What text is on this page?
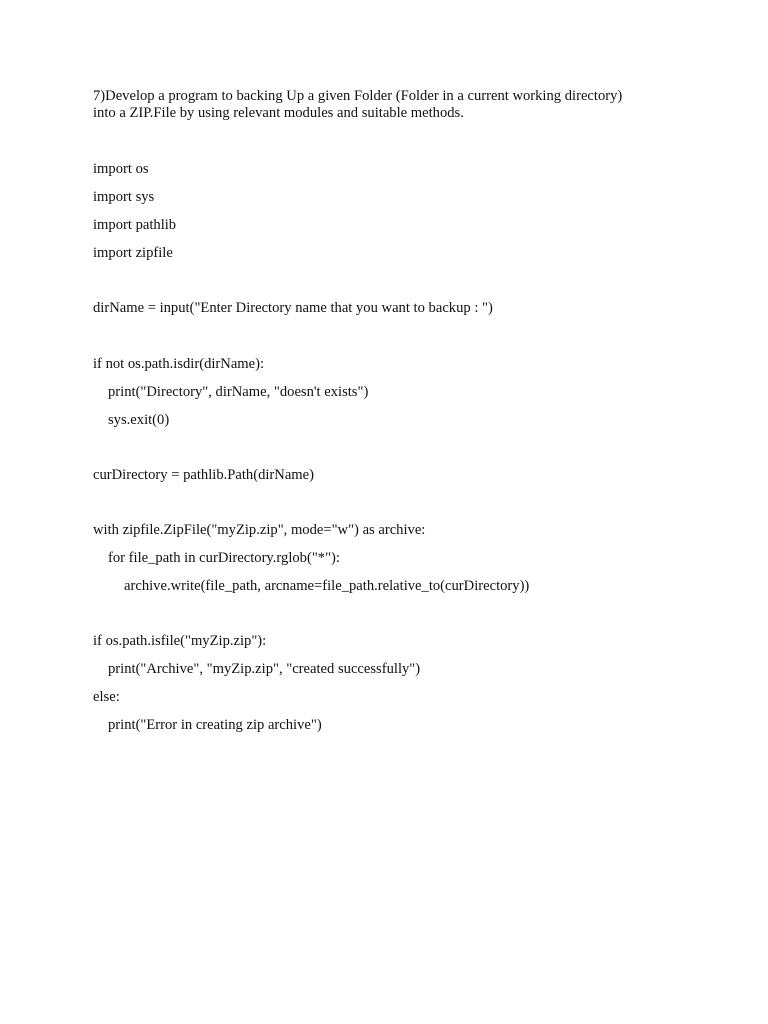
7)Develop a program to backing Up a given Folder (Folder in a current working directory)
into a ZIP.File by using relevant modules and suitable methods.
import os
import sys
import pathlib
import zipfile
dirName = input("Enter Directory name that you want to backup : ")
if not os.path.isdir(dirName):
print("Directory", dirName, "doesn't exists")
sys.exit(0)
curDirectory = pathlib.Path(dirName)
with zipfile.ZipFile("myZip.zip", mode="w") as archive:
for file_path in curDirectory.rglob("*"):
archive.write(file_path, arcname=file_path.relative_to(curDirectory))
if os.path.isfile("myZip.zip"):
print("Archive", "myZip.zip", "created successfully")
else:
print("Error in creating zip archive")
